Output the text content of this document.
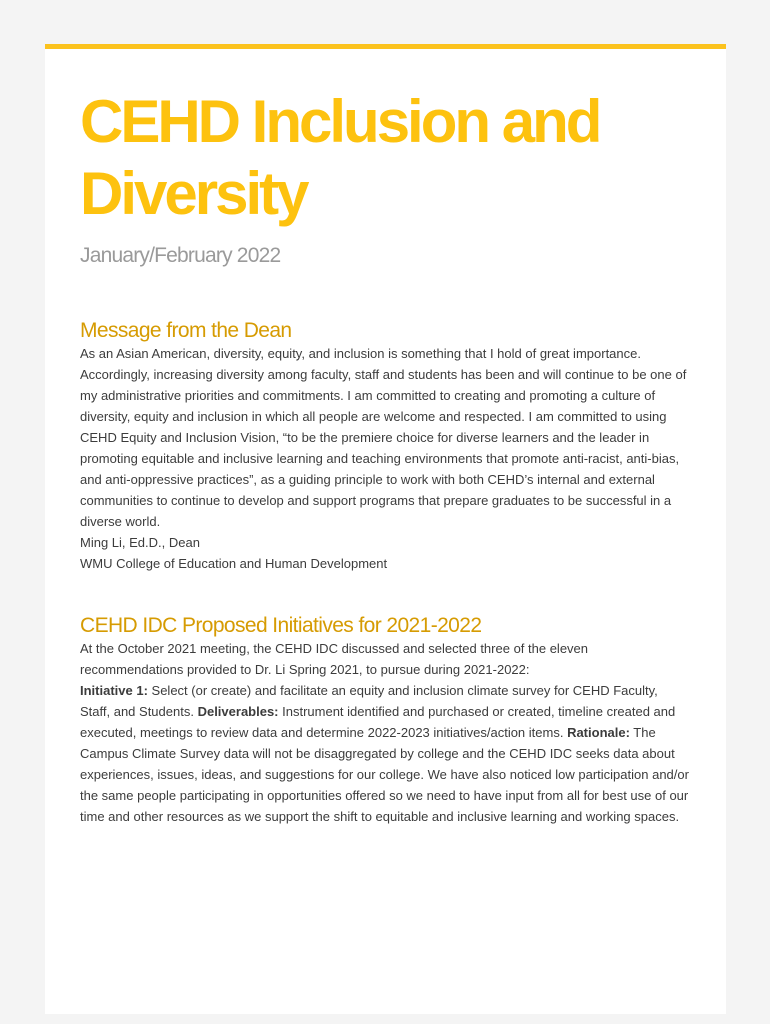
CEHD Inclusion and Diversity
January/February 2022
Message from the Dean

As an Asian American, diversity, equity, and inclusion is something that I hold of great importance. Accordingly, increasing diversity among faculty, staff and students has been and will continue to be one of my administrative priorities and commitments. I am committed to creating and promoting a culture of diversity, equity and inclusion in which all people are welcome and respected. I am committed to using CEHD Equity and Inclusion Vision, “to be the premiere choice for diverse learners and the leader in promoting equitable and inclusive learning and teaching environments that promote anti-racist, anti-bias, and anti-oppressive practices”, as a guiding principle to work with both CEHD’s internal and external communities to continue to develop and support programs that prepare graduates to be successful in a diverse world.

Ming Li, Ed.D., Dean
WMU College of Education and Human Development

CEHD IDC Proposed Initiatives for 2021-2022

At the October 2021 meeting, the CEHD IDC discussed and selected three of the eleven recommendations provided to Dr. Li Spring 2021, to pursue during 2021-2022:

Initiative 1: Select (or create) and facilitate an equity and inclusion climate survey for CEHD Faculty, Staff, and Students. Deliverables: Instrument identified and purchased or created, timeline created and executed, meetings to review data and determine 2022-2023 initiatives/action items. Rationale: The Campus Climate Survey data will not be disaggregated by college and the CEHD IDC seeks data about experiences, issues, ideas, and suggestions for our college. We have also noticed low participation and/or the same people participating in opportunities offered so we need to have input from all for best use of our time and other resources as we support the shift to equitable and inclusive learning and working spaces.
